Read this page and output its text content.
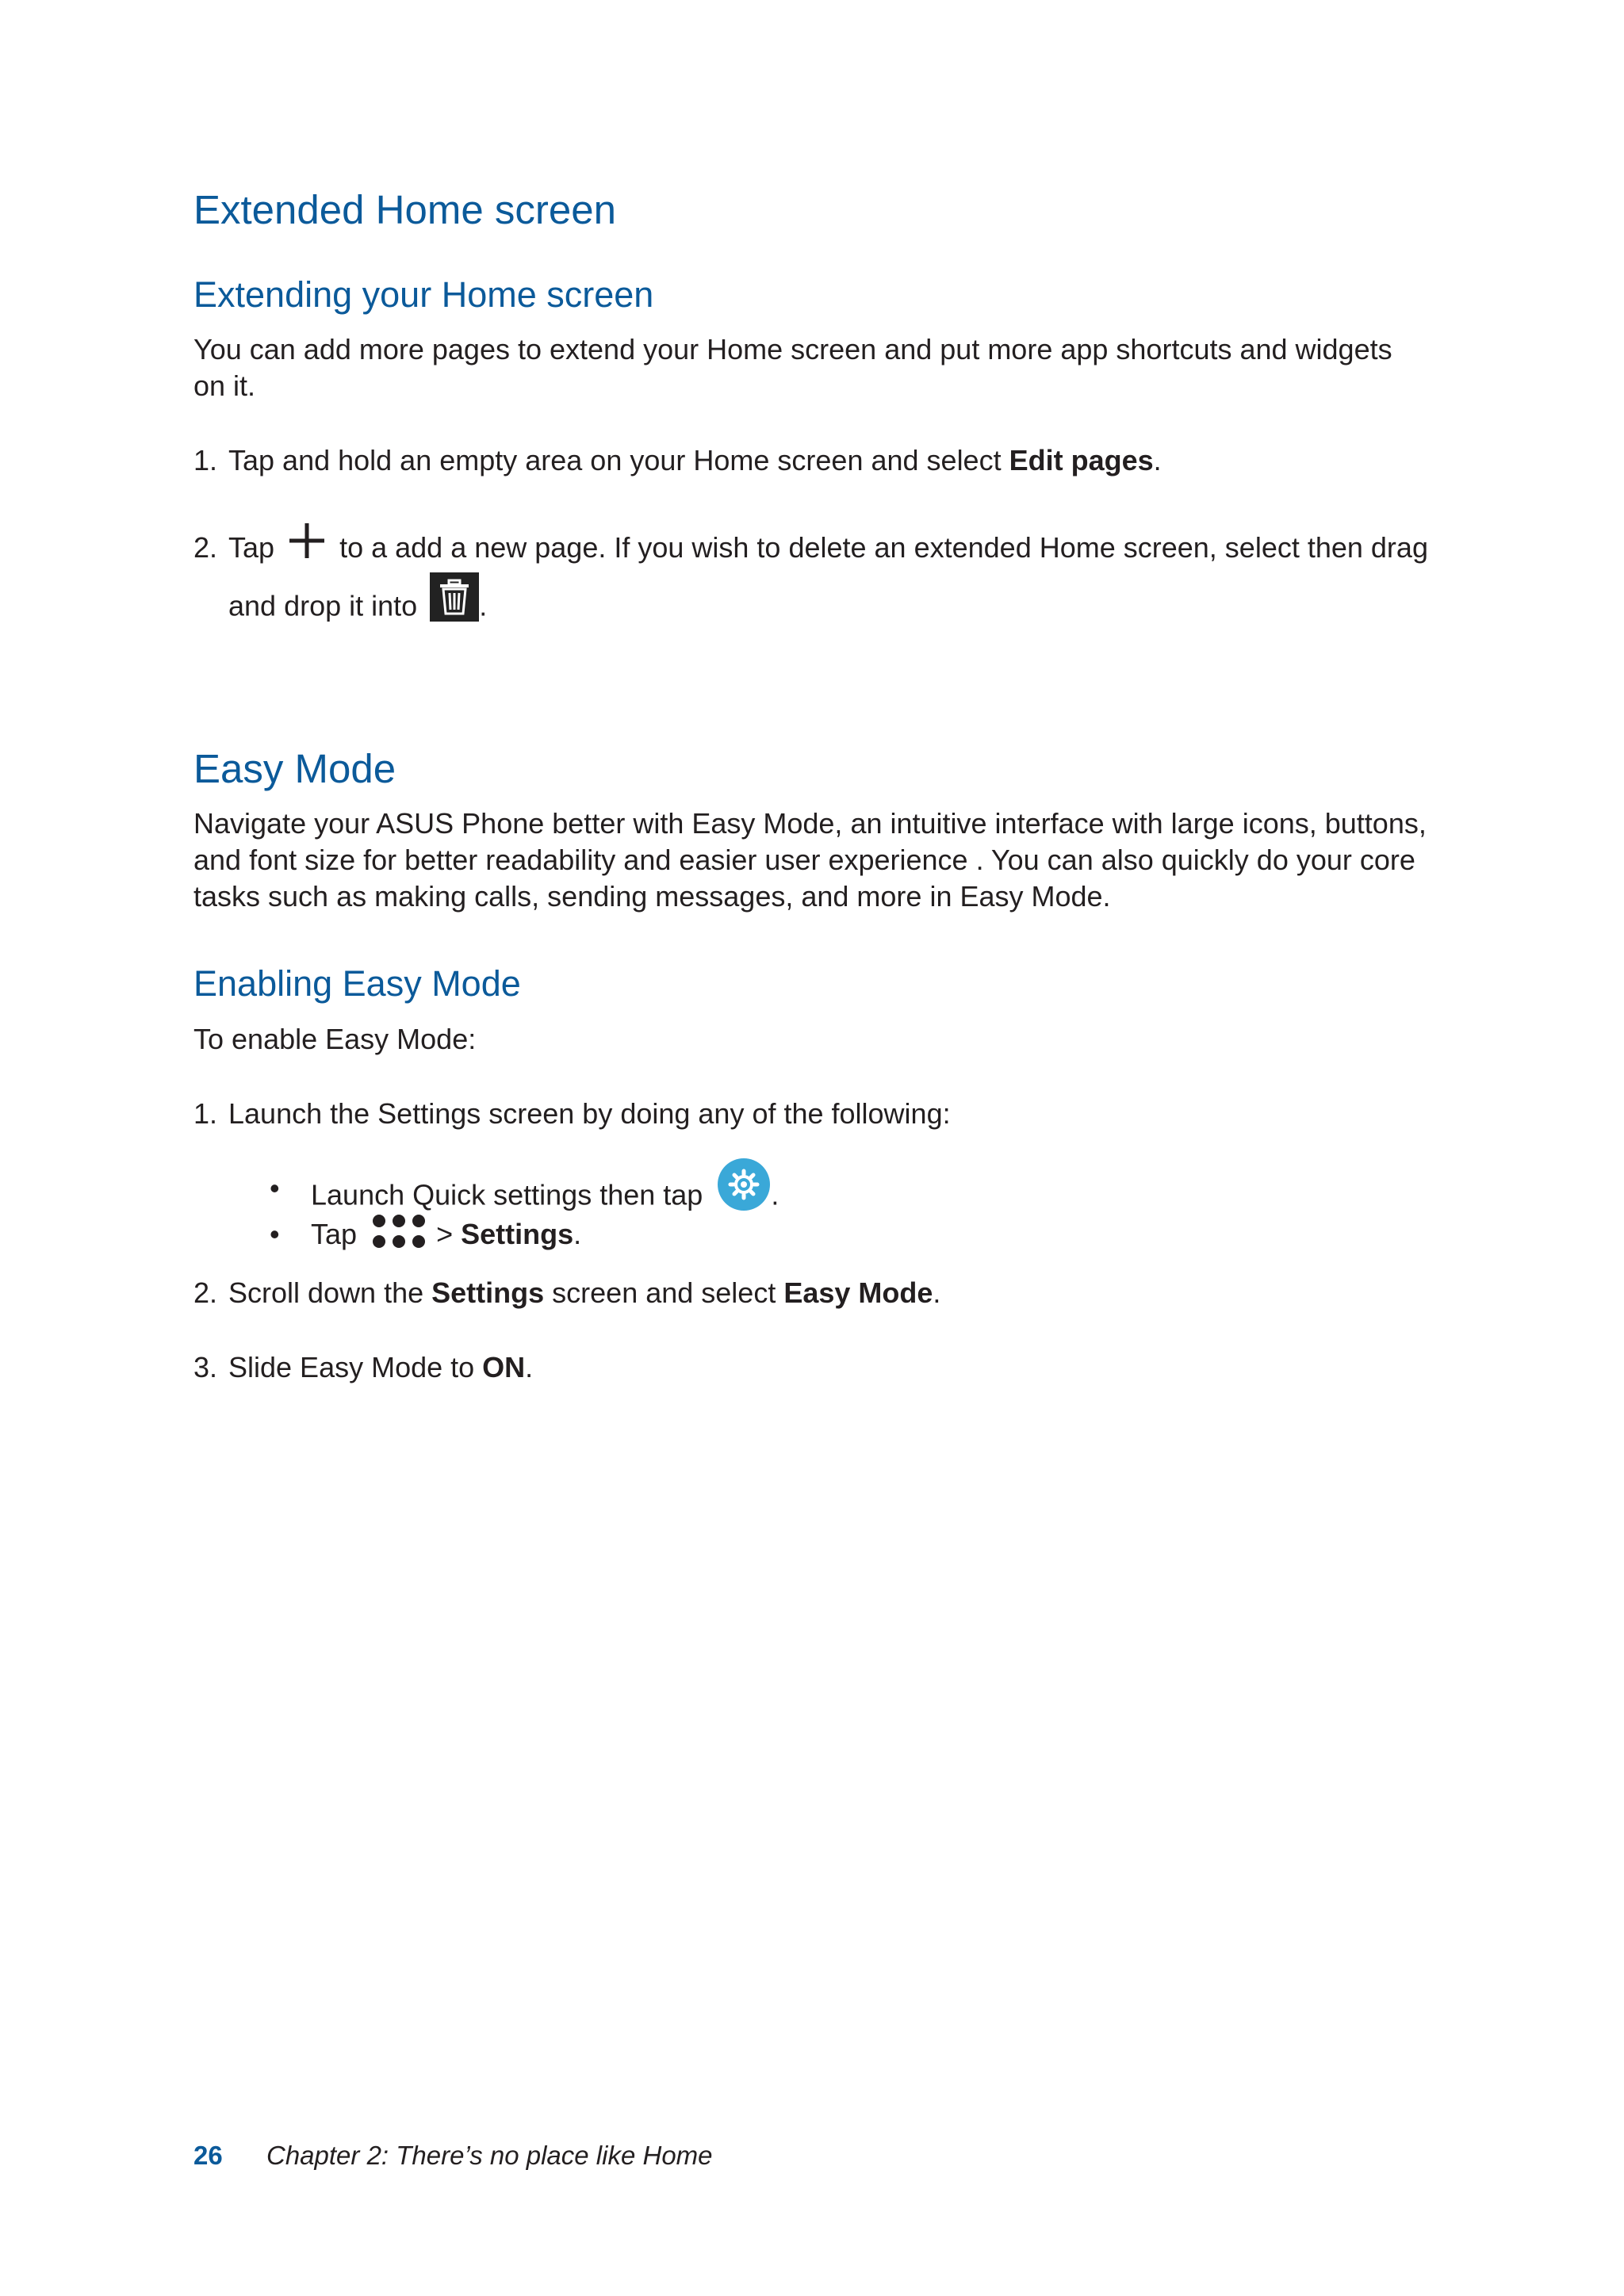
Extended Home screen
Extending your Home screen

You can add more pages to extend your Home screen and put more app shortcuts and widgets on it.

1. Tap and hold an empty area on your Home screen and select Edit pages.
2. Tap to a add a new page. If you wish to delete an extended Home screen, select then drag
and drop it into .
Easy Mode

Navigate your ASUS Phone better with Easy Mode, an intuitive interface with large icons, buttons, and font size for better readability and easier user experience . You can also quickly do your core tasks such as making calls, sending messages, and more in Easy Mode.

Enabling Easy Mode

To enable Easy Mode:

1. Launch the Settings screen by doing any of the following:
• Launch Quick settings then tap .
• Tap	> Settings.
2. Scroll down the Settings screen and select Easy Mode.
3. Slide Easy Mode to ON.
26 Chapter 2: There’s no place like Home
